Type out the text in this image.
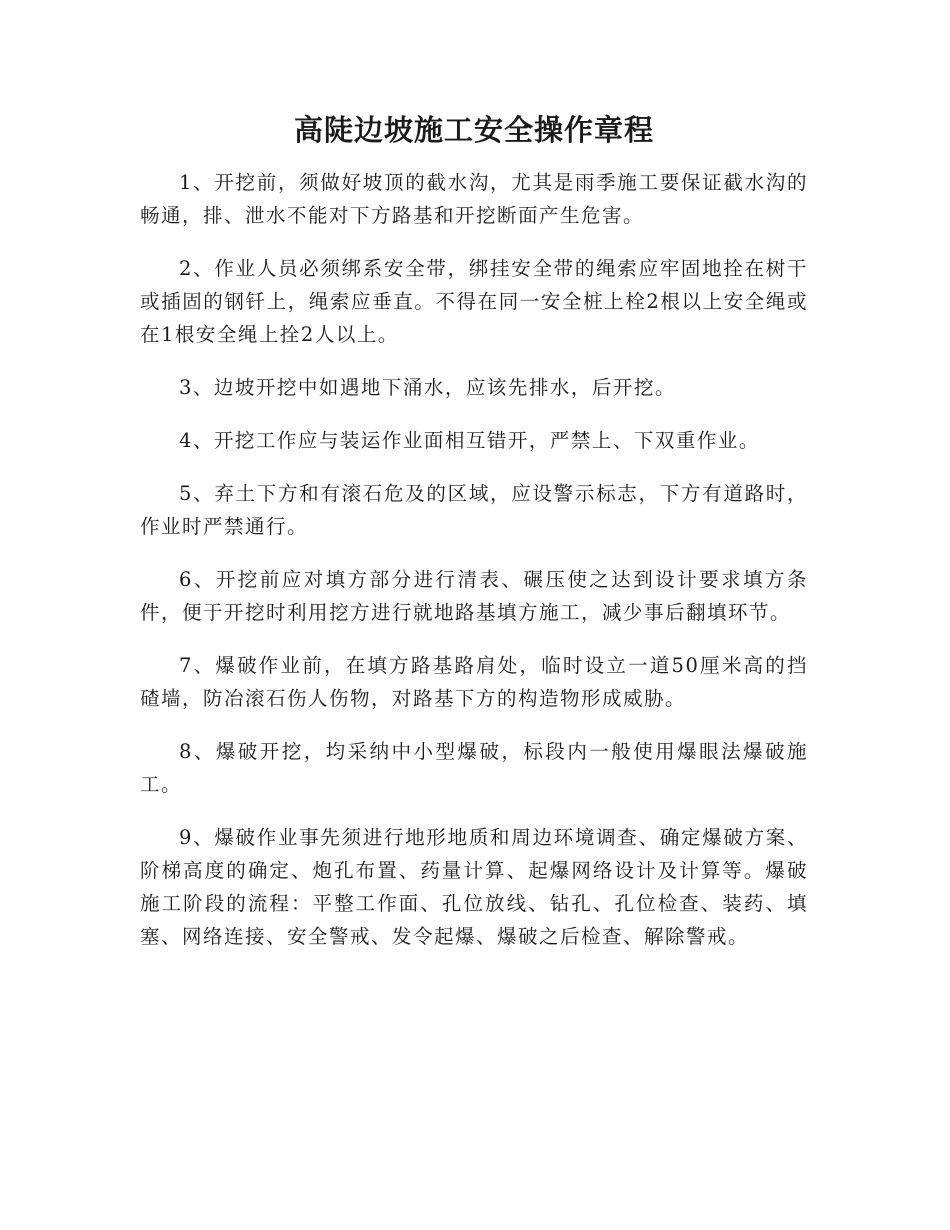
高陡边坡施工安全操作章程

1、开挖前，须做好坡顶的截水沟，尤其是雨季施工要保证截水沟的畅通，排、泄水不能对下方路基和开挖断面产生危害。

2、作业人员必须绑系安全带，绑挂安全带的绳索应牢固地拴在树干或插固的钢钎上，绳索应垂直。不得在同一安全桩上栓2根以上安全绳或在1根安全绳上拴2人以上。

3、边坡开挖中如遇地下涌水，应该先排水，后开挖。

4、开挖工作应与装运作业面相互错开，严禁上、下双重作业。

5、弃土下方和有滚石危及的区域，应设警示标志，下方有道路时，作业时严禁通行。

6、开挖前应对填方部分进行清表、碾压使之达到设计要求填方条件，便于开挖时利用挖方进行就地路基填方施工，减少事后翻填环节。

7、爆破作业前，在填方路基路肩处，临时设立一道50厘米高的挡碴墙，防冶滚石伤人伤物，对路基下方的构造物形成威胁。

8、爆破开挖，均采纳中小型爆破，标段内一般使用爆眼法爆破施工。

9、爆破作业事先须进行地形地质和周边环境调查、确定爆破方案、阶梯高度的确定、炮孔布置、药量计算、起爆网络设计及计算等。爆破施工阶段的流程：平整工作面、孔位放线、钻孔、孔位检查、装药、填塞、网络连接、安全警戒、发令起爆、爆破之后检查、解除警戒。
